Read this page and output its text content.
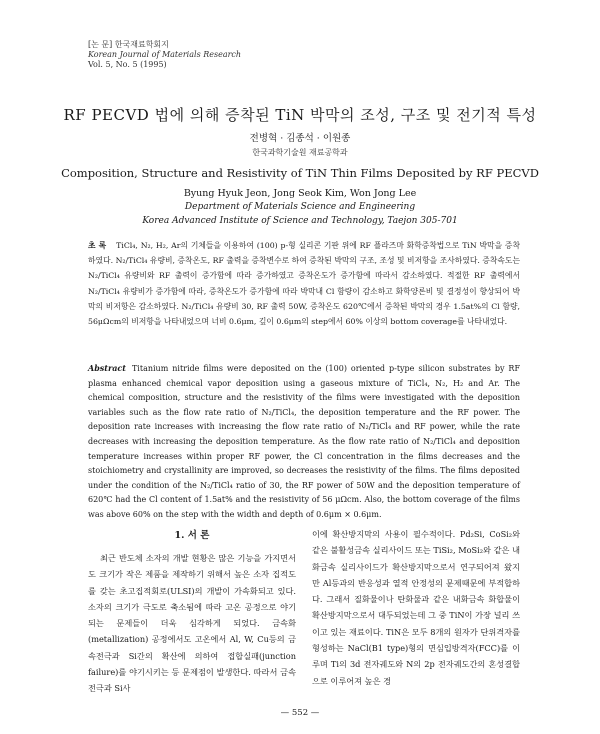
[논 문] 한국재료학회지
Korean Journal of Materials Research
Vol. 5, No. 5 (1995)
RF PECVD 법에 의해 증착된 TiN 박막의 조성, 구조 및 전기적 특성
전병혁 · 김종석 · 이원종
한국과학기술원 재료공학과
Composition, Structure and Resistivity of TiN Thin Films Deposited by RF PECVD
Byung Hyuk Jeon, Jong Seok Kim, Won Jong Lee
Department of Materials Science and Engineering
Korea Advanced Institute of Science and Technology, Taejon 305-701
초 록 TiCl₄, N₂, H₂, Ar의 기체들을 이용하여 (100) p-형 실리콘 기판 위에 RF 플라즈마 화학증착법으로 TiN 박막을 증착하였다. N₂/TiCl₄ 유량비, 증착온도, RF 출력을 증착변수로 하여 증착된 박막의 구조, 조성 및 비저항을 조사하였다. 증착속도는 N₂/TiCl₄ 유량비와 RF 출력이 증가함에 따라 증가하였고 증착온도가 증가함에 따라서 감소하였다. 적절한 RF 출력에서 N₂/TiCl₄ 유량비가 증가함에 따라, 증착온도가 증가함에 따라 박막내 Cl 함량이 감소하고 화학양론비 및 결정성이 향상되어 박막의 비저항은 감소하였다. N₂/TiCl₄ 유량비 30, RF 출력 50W, 증착온도 620℃에서 증착된 박막의 경우 1.5at%의 Cl 함량, 56μΩcm의 비저항을 나타내었으며 너비 0.6μm, 깊이 0.6μm의 step에서 60% 이상의 bottom coverage를 나타내었다.
Abstract Titanium nitride films were deposited on the (100) oriented p-type silicon substrates by RF plasma enhanced chemical vapor deposition using a gaseous mixture of TiCl₄, N₂, H₂ and Ar. The chemical composition, structure and the resistivity of the films were investigated with the deposition variables such as the flow rate ratio of N₂/TiCl₄, the deposition temperature and the RF power. The deposition rate increases with increasing the flow rate ratio of N₂/TiCl₄ and RF power, while the rate decreases with increasing the deposition temperature. As the flow rate ratio of N₂/TiCl₄ and deposition temperature increases within proper RF power, the Cl concentration in the films decreases and the stoichiometry and crystallinity are improved, so decreases the resistivity of the films. The films deposited under the condition of the N₂/TiCl₄ ratio of 30, the RF power of 50W and the deposition temperature of 620℃ had the Cl content of 1.5at% and the resistivity of 56 μΩcm. Also, the bottom coverage of the films was above 60% on the step with the width and depth of 0.6μm × 0.6μm.
1. 서 론
최근 반도체 소자의 개발 현황은 많은 기능을 가지면서도 크기가 작은 제품을 제작하기 위해서 높은 소자 집적도를 갖는 초고집적회로(ULSI)의 개발이 가속화되고 있다. 소자의 크기가 극도로 축소됨에 따라 고온 공정으로 야기되는 문제들이 더욱 심각하게 되었다. 금속화(metallization) 공정에서도 고온에서 Al, W, Cu등의 금속전극과 Si간의 확산에 의하여 접합실패(junction failure)를 야기시키는 등 문제점이 발생한다. 따라서 금속전극과 Si사
이에 확산방지막의 사용이 필수적이다. Pd₂Si, CoSi₂와 같은 불활성금속 실리사이드 또는 TiSi₂, MoSi₂와 같은 내화금속 실리사이드가 확산방지막으로서 연구되어져 왔지만 Al등과의 반응성과 열적 안정성의 문제때문에 부적합하다. 그래서 질화물이나 탄화물과 같은 내화금속 화합물이 확산방지막으로서 대두되었는데 그 중 TiN이 가장 널리 쓰이고 있는 재료이다. TiN은 모두 8개의 원자가 단위격자를 형성하는 NaCl(B1 type)형의 면심입방격자(FCC)를 이루며 Ti의 3d 전자궤도와 N의 2p 전자궤도간의 혼성결합으로 이루어져 높은 경
— 552 —
